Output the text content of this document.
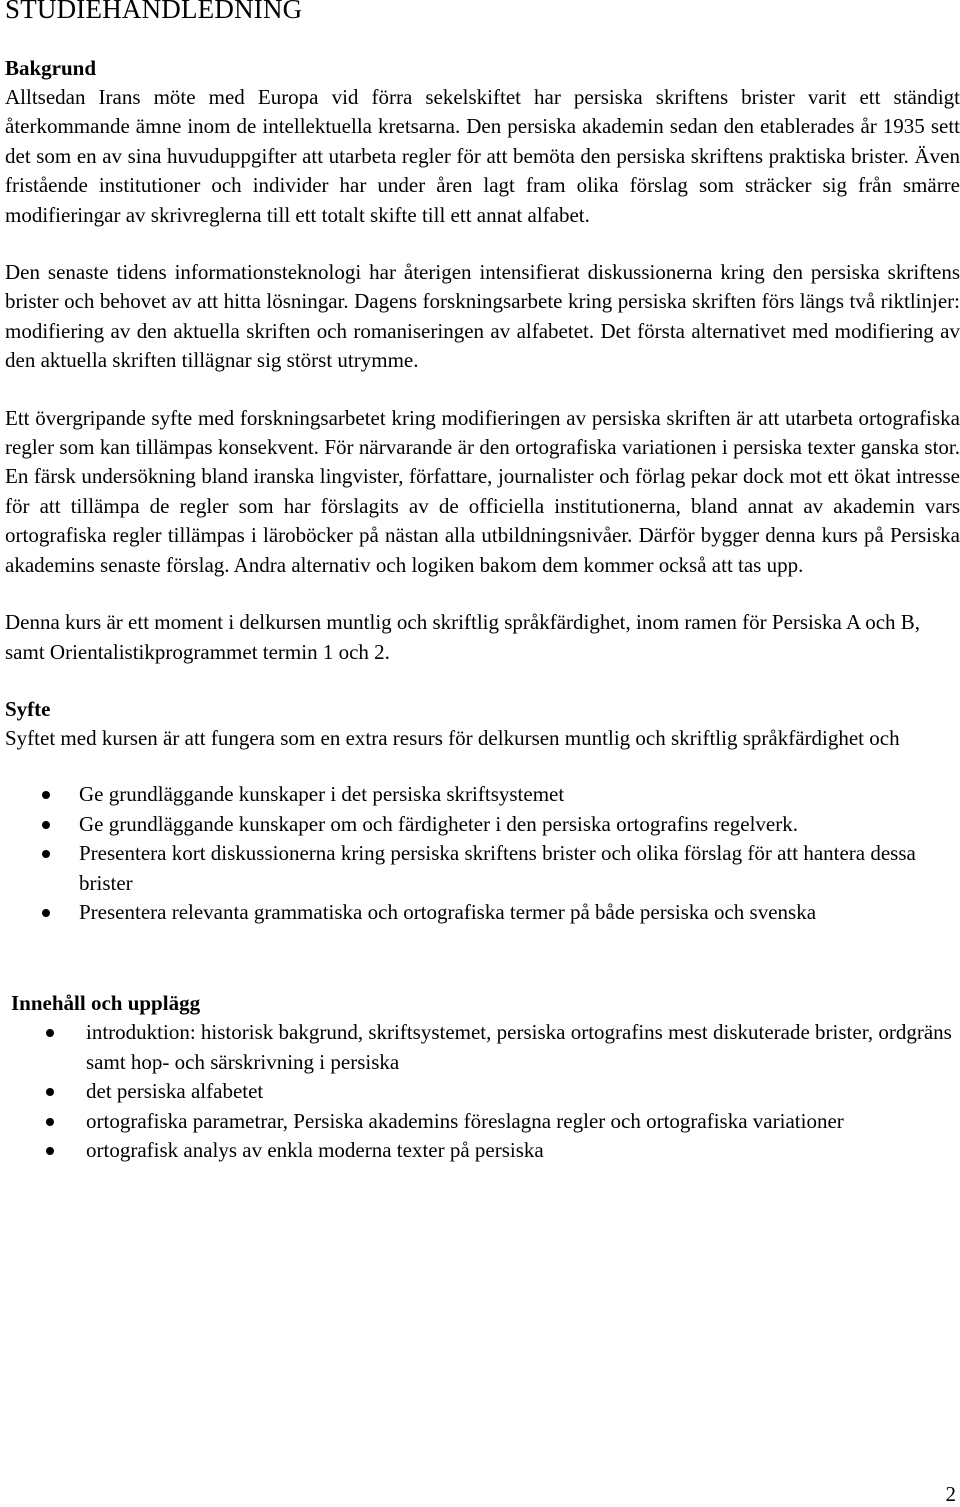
STUDIEHANDLEDNING
Bakgrund

Alltsedan Irans möte med Europa vid förra sekelskiftet har persiska skriftens brister varit ett ständigt återkommande ämne inom de intellektuella kretsarna. Den persiska akademin sedan den etablerades år 1935 sett det som en av sina huvuduppgifter att utarbeta regler för att bemöta den persiska skriftens praktiska brister. Även fristående institutioner och individer har under åren lagt fram olika förslag som sträcker sig från smärre modifieringar av skrivreglerna till ett totalt skifte till ett annat alfabet.

Den senaste tidens informationsteknologi har återigen intensifierat diskussionerna kring den persiska skriftens brister och behovet av att hitta lösningar. Dagens forskningsarbete kring persiska skriften förs längs två riktlinjer: modifiering av den aktuella skriften och romaniseringen av alfabetet. Det första alternativet med modifiering av den aktuella skriften tillägnar sig störst utrymme.

Ett övergripande syfte med forskningsarbetet kring modifieringen av persiska skriften är att utarbeta ortografiska regler som kan tillämpas konsekvent. För närvarande är den ortografiska variationen i persiska texter ganska stor. En färsk undersökning bland iranska lingvister, författare, journalister och förlag pekar dock mot ett ökat intresse för att tillämpa de regler som har förslagits av de officiella institutionerna, bland annat av akademin vars ortografiska regler tillämpas i läroböcker på nästan alla utbildningsnivåer. Därför bygger denna kurs på Persiska akademins senaste förslag. Andra alternativ och logiken bakom dem kommer också att tas upp.

Denna kurs är ett moment i delkursen muntlig och skriftlig språkfärdighet, inom ramen för Persiska A och B, samt Orientalistikprogrammet termin 1 och 2.

Syfte

Syftet med kursen är att fungera som en extra resurs för delkursen muntlig och skriftlig språkfärdighet och

Ge grundläggande kunskaper i det persiska skriftsystemet
Ge grundläggande kunskaper om och färdigheter i den persiska ortografins regelverk.
Presentera kort diskussionerna kring persiska skriftens brister och olika förslag för att hantera dessa brister
Presentera relevanta grammatiska och ortografiska termer på både persiska och svenska
Innehåll och upplägg
introduktion: historisk bakgrund, skriftsystemet, persiska ortografins mest diskuterade brister, ordgräns samt hop- och särskrivning i persiska
det persiska alfabetet
ortografiska parametrar, Persiska akademins föreslagna regler och ortografiska variationer
ortografisk analys av enkla moderna texter på persiska
2
